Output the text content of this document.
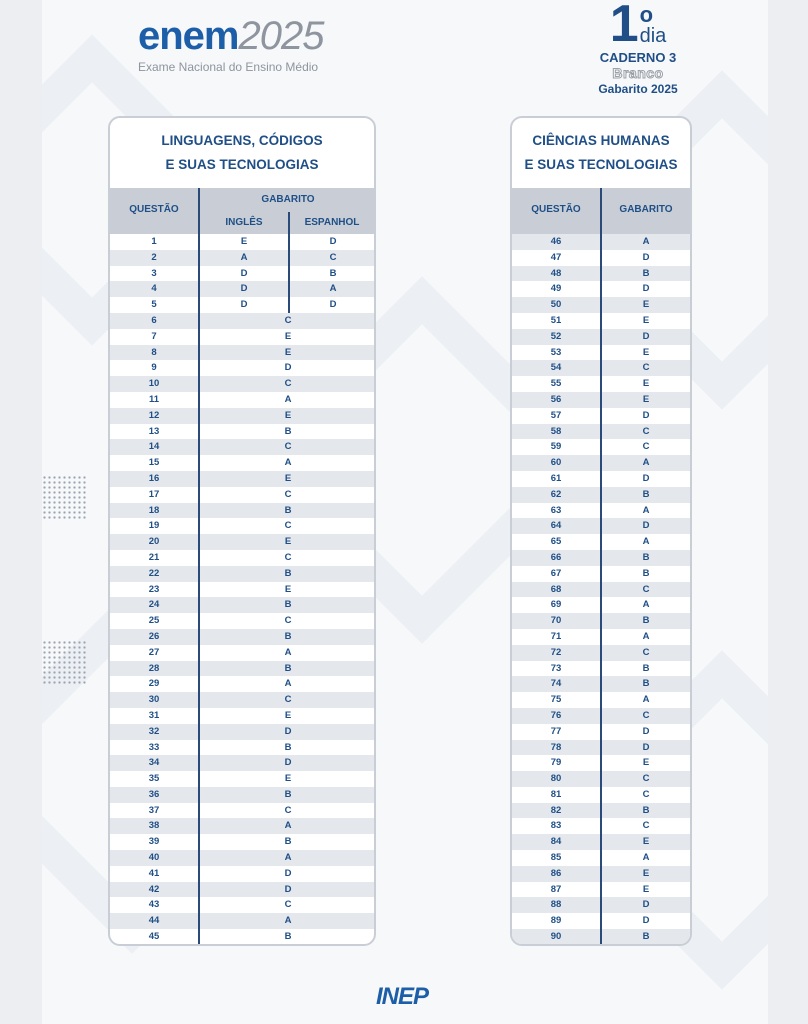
enem2025
Exame Nacional do Ensino Médio
1 o
dia
CADERNO 3
Branco
Gabarito 2025
LINGUAGENS, CÓDIGOS
E SUAS TECNOLOGIAS
QUESTÃO
GABARITO
INGLÊS	ESPANHOL
1	E	D
2	A	C
3	D	B
4	D	A
5	D	D
6	C
7	E
8	E
9	D
10	C
11	A
12	E
13	B
14	C
15	A
16	E
17	C
18	B
19	C
20	E
21	C
22	B
23	E
24	B
25	C
26	B
27	A
28	B
29	A
30	C
31	E
32	D
33	B
34	D
35	E
36	B
37	C
38	A
39	B
40	A
41	D
42	D
43	C
44	A
45	B
CIÊNCIAS HUMANAS
E SUAS TECNOLOGIAS
QUESTÃO	GABARITO
46	A
47	D
48	B
49	D
50	E
51	E
52	D
53	E
54	C
55	E
56	E
57	D
58	C
59	C
60	A
61	D
62	B
63	A
64	D
65	A
66	B
67	B
68	C
69	A
70	B
71	A
72	C
73	B
74	B
75	A
76	C
77	D
78	D
79	E
80	C
81	C
82	B
83	C
84	E
85	A
86	E
87	E
88	D
89	D
90	B
INEP
